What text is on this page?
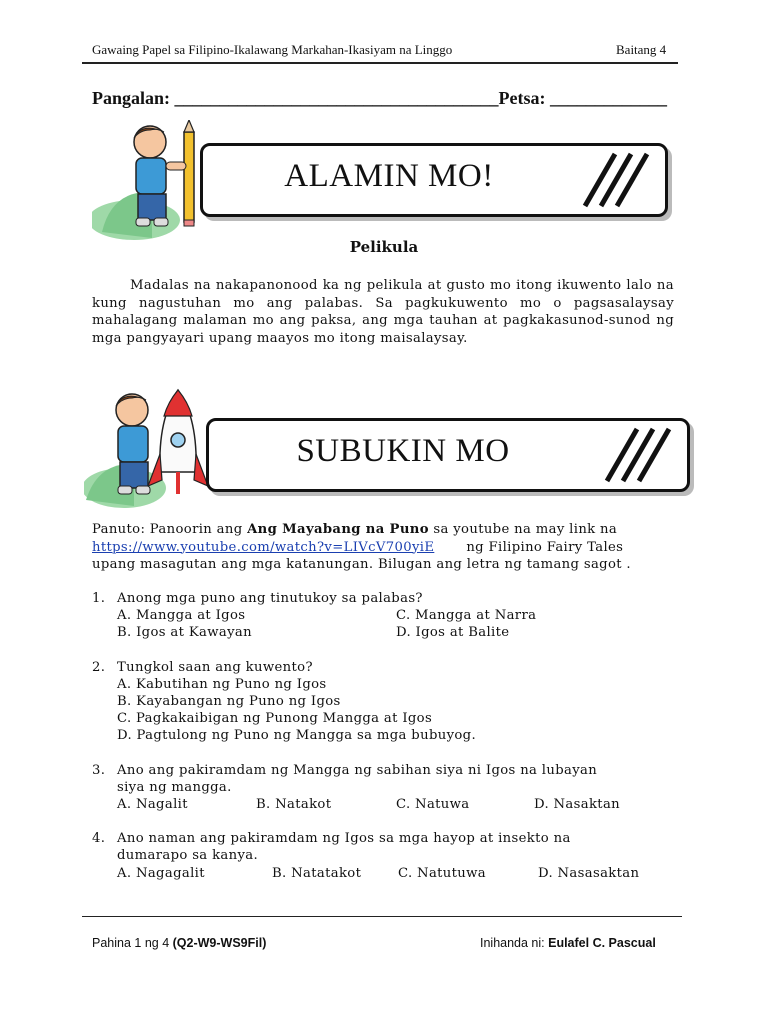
Gawaing Papel sa Filipino-Ikalawang Markahan-Ikasiyam na Linggo	Baitang 4
Pangalan: ____________________________________Petsa: _____________
ALAMIN MO!
Pelikula
Madalas na nakapanonood ka ng pelikula at gusto mo itong ikuwento lalo na kung nagustuhan mo ang palabas. Sa pagkukuwento mo o pagsasalaysay mahalagang malaman mo ang paksa, ang mga tauhan at pagkakasunod-sunod ng mga pangyayari upang maayos mo itong maisalaysay.
SUBUKIN MO
Panuto: Panoorin ang Ang Mayabang na Puno sa youtube na may link na
https://www.youtube.com/watch?v=LIVcV700yiE ng Filipino Fairy Tales
upang masagutan ang mga katanungan. Bilugan ang letra ng tamang sagot .
1. Anong mga puno ang tinutukoy sa palabas?
A. Mangga at Igos	C. Mangga at Narra
B. Igos at Kawayan	D. Igos at Balite
2. Tungkol saan ang kuwento?
A. Kabutihan ng Puno ng Igos
B. Kayabangan ng Puno ng Igos
C. Pagkakaibigan ng Punong Mangga at Igos
D. Pagtulong ng Puno ng Mangga sa mga bubuyog.
3. Ano ang pakiramdam ng Mangga ng sabihan siya ni Igos na lubayan
siya ng mangga.
A. Nagalit	B. Natakot	C. Natuwa	D. Nasaktan
4. Ano naman ang pakiramdam ng Igos sa mga hayop at insekto na
dumarapo sa kanya.
A. Nagagalit	B. Natatakot	C. Natutuwa	D. Nasasaktan
Pahina 1 ng 4 (Q2-W9-WS9Fil)	Inihanda ni: Eulafel C. Pascual
